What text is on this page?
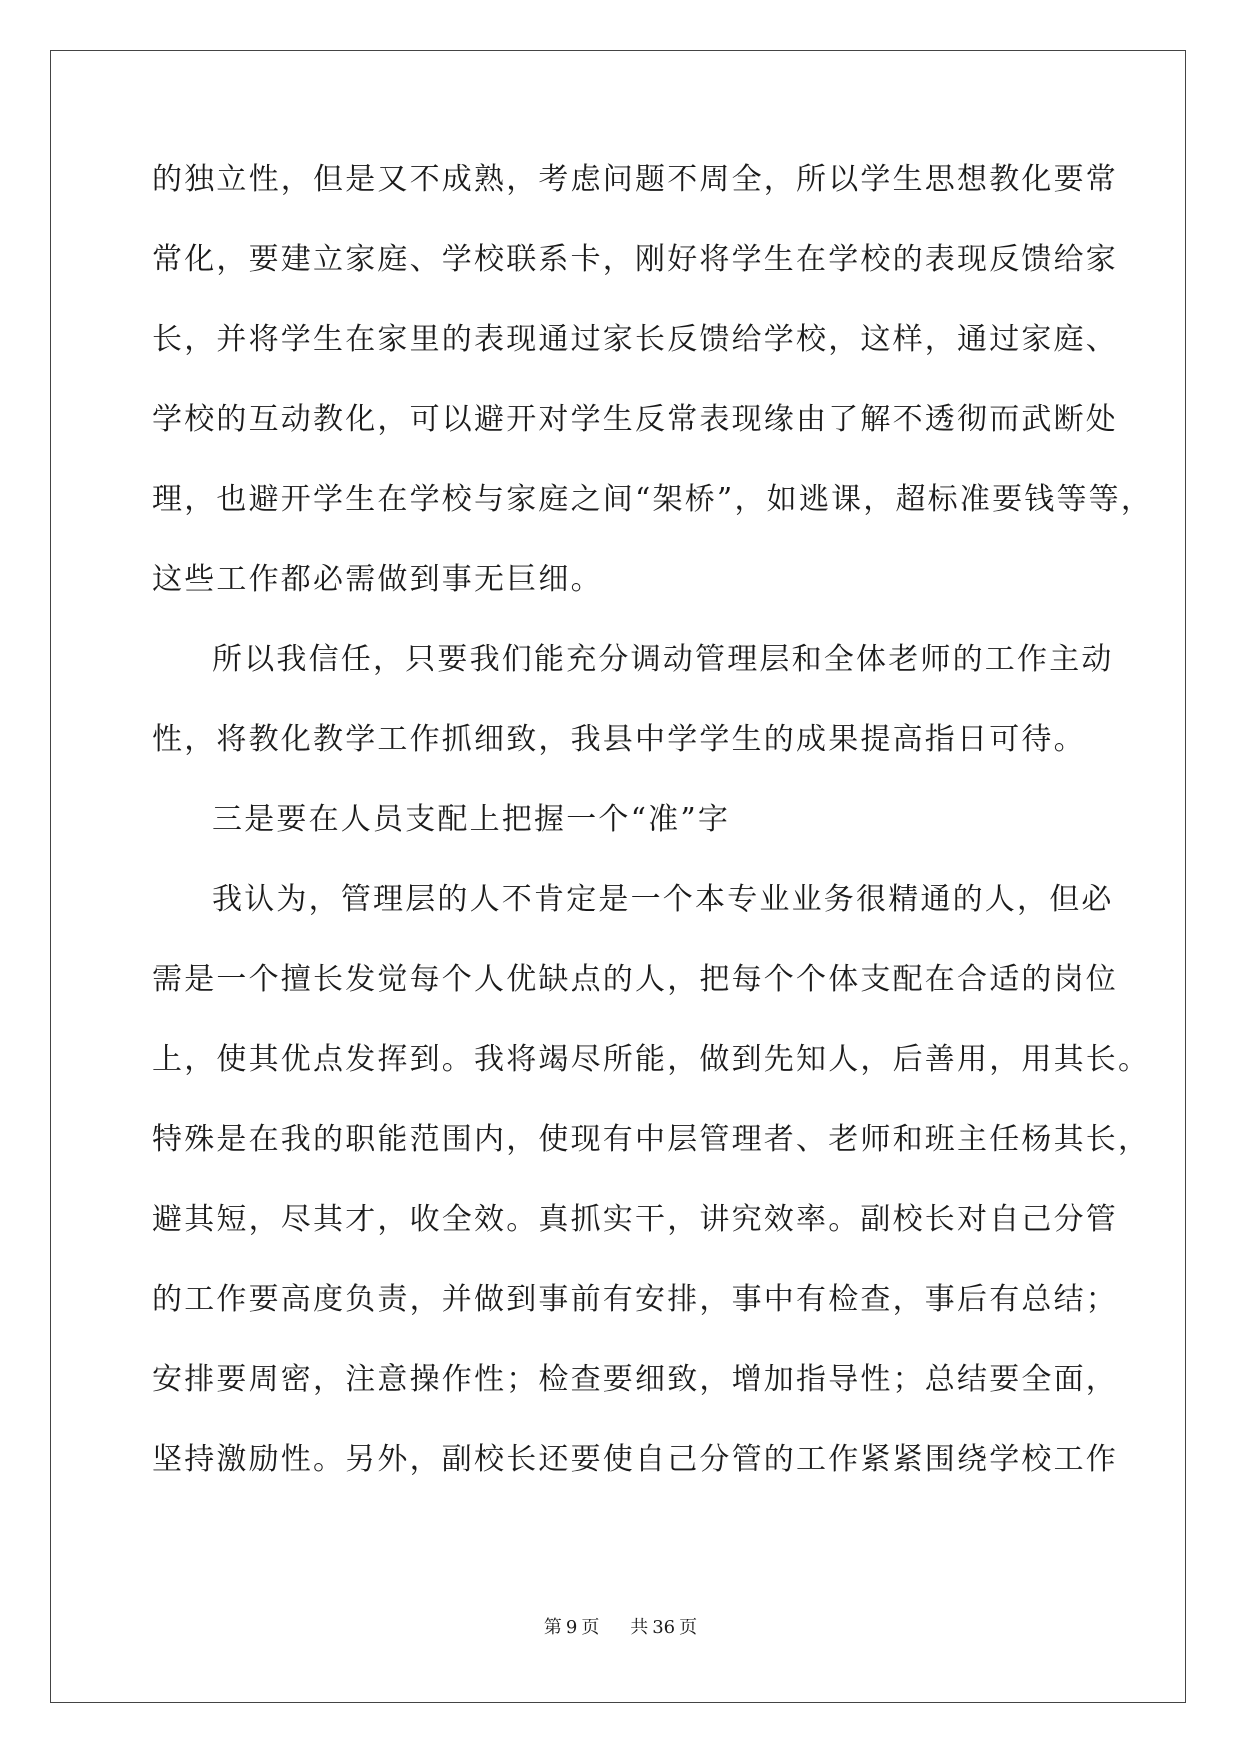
的独立性，但是又不成熟，考虑问题不周全，所以学生思想教化要常
常化，要建立家庭、学校联系卡，刚好将学生在学校的表现反馈给家
长，并将学生在家里的表现通过家长反馈给学校，这样，通过家庭、
学校的互动教化，可以避开对学生反常表现缘由了解不透彻而武断处
理，也避开学生在学校与家庭之间“架桥”，如逃课，超标准要钱等等，
这些工作都必需做到事无巨细。
所以我信任，只要我们能充分调动管理层和全体老师的工作主动
性，将教化教学工作抓细致，我县中学学生的成果提高指日可待。
三是要在人员支配上把握一个“准”字
我认为，管理层的人不肯定是一个本专业业务很精通的人，但必
需是一个擅长发觉每个人优缺点的人，把每个个体支配在合适的岗位
上，使其优点发挥到。我将竭尽所能，做到先知人，后善用，用其长。
特殊是在我的职能范围内，使现有中层管理者、老师和班主任杨其长，
避其短，尽其才，收全效。真抓实干，讲究效率。副校长对自己分管
的工作要高度负责，并做到事前有安排，事中有检查，事后有总结；
安排要周密，注意操作性；检查要细致，增加指导性；总结要全面，
坚持激励性。另外，副校长还要使自己分管的工作紧紧围绕学校工作
第 9 页 共 36 页
